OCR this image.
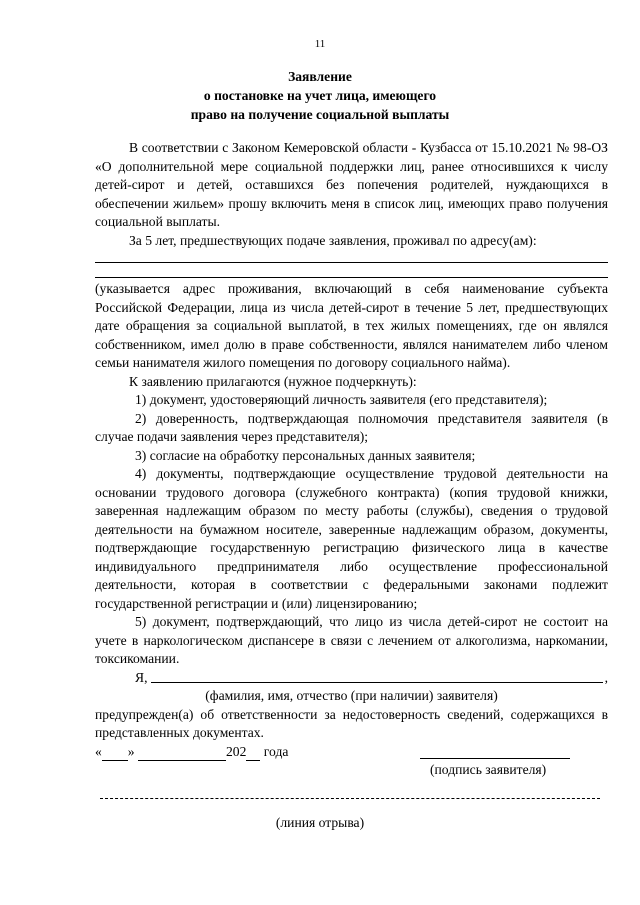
11
Заявление
о постановке на учет лица, имеющего
право на получение социальной выплаты

В соответствии с Законом Кемеровской области - Кузбасса от 15.10.2021 № 98-ОЗ «О дополнительной мере социальной поддержки лиц, ранее относившихся к числу детей-сирот и детей, оставшихся без попечения родителей, нуждающихся в обеспечении жильем» прошу включить меня в список лиц, имеющих право получения социальной выплаты.

За 5 лет, предшествующих подаче заявления, проживал по адресу(ам):

(указывается адрес проживания, включающий в себя наименование субъекта Российской Федерации, лица из числа детей-сирот в течение 5 лет, предшествующих дате обращения за социальной выплатой, в тех жилых помещениях, где он являлся собственником, имел долю в праве собственности, являлся нанимателем либо членом семьи нанимателя жилого помещения по договору социального найма).

К заявлению прилагаются (нужное подчеркнуть):

1) документ, удостоверяющий личность заявителя (его представителя);

2) доверенность, подтверждающая полномочия представителя заявителя (в случае подачи заявления через представителя);

3) согласие на обработку персональных данных заявителя;

4) документы, подтверждающие осуществление трудовой деятельности на основании трудового договора (служебного контракта) (копия трудовой книжки, заверенная надлежащим образом по месту работы (службы), сведения о трудовой деятельности на бумажном носителе, заверенные надлежащим образом, документы, подтверждающие государственную регистрацию физического лица в качестве индивидуального предпринимателя либо осуществление профессиональной деятельности, которая в соответствии с федеральными законами подлежит государственной регистрации и (или) лицензированию;

5) документ, подтверждающий, что лицо из числа детей-сирот не состоит на учете в наркологическом диспансере в связи с лечением от алкоголизма, наркомании, токсикомании.

Я,	,

(фамилия, имя, отчество (при наличии) заявителя)

предупрежден(а) об ответственности за недостоверность сведений, содержащихся в представленных документах.

« »	202 года
(подпись заявителя)
(линия отрыва)
